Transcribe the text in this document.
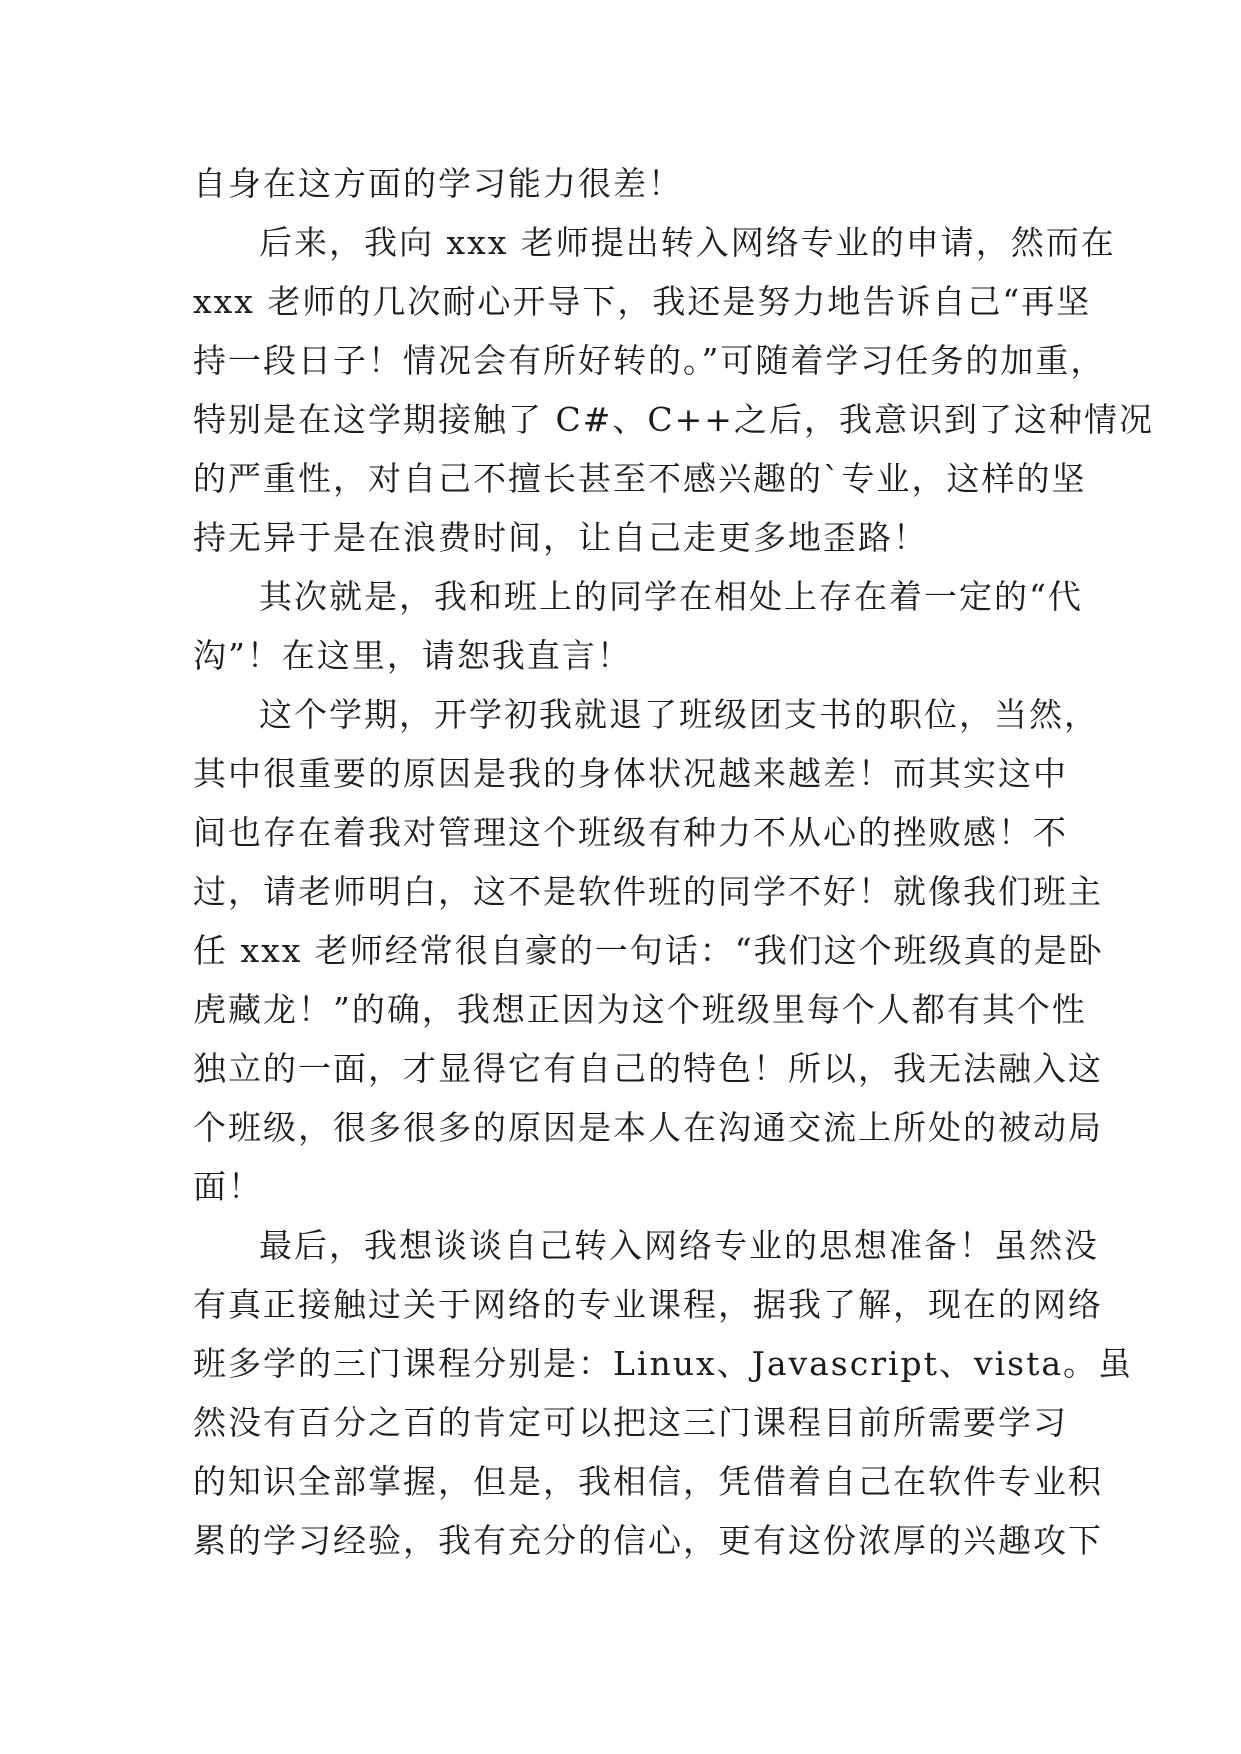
自身在这方面的学习能力很差！
后来，我向 xxx 老师提出转入网络专业的申请，然而在
xxx 老师的几次耐心开导下，我还是努力地告诉自己“再坚
持一段日子！情况会有所好转的。”可随着学习任务的加重，
特别是在这学期接触了 C#、C++之后，我意识到了这种情况
的严重性，对自己不擅长甚至不感兴趣的`专业，这样的坚
持无异于是在浪费时间，让自己走更多地歪路！
其次就是，我和班上的同学在相处上存在着一定的“代
沟”！在这里，请恕我直言！
这个学期，开学初我就退了班级团支书的职位，当然，
其中很重要的原因是我的身体状况越来越差！而其实这中
间也存在着我对管理这个班级有种力不从心的挫败感！不
过，请老师明白，这不是软件班的同学不好！就像我们班主
任 xxx 老师经常很自豪的一句话：“我们这个班级真的是卧
虎藏龙！”的确，我想正因为这个班级里每个人都有其个性
独立的一面，才显得它有自己的特色！所以，我无法融入这
个班级，很多很多的原因是本人在沟通交流上所处的被动局
面！
最后，我想谈谈自己转入网络专业的思想准备！虽然没
有真正接触过关于网络的专业课程，据我了解，现在的网络
班多学的三门课程分别是：Linux、Javascript、vista。虽
然没有百分之百的肯定可以把这三门课程目前所需要学习
的知识全部掌握，但是，我相信，凭借着自己在软件专业积
累的学习经验，我有充分的信心，更有这份浓厚的兴趣攻下
